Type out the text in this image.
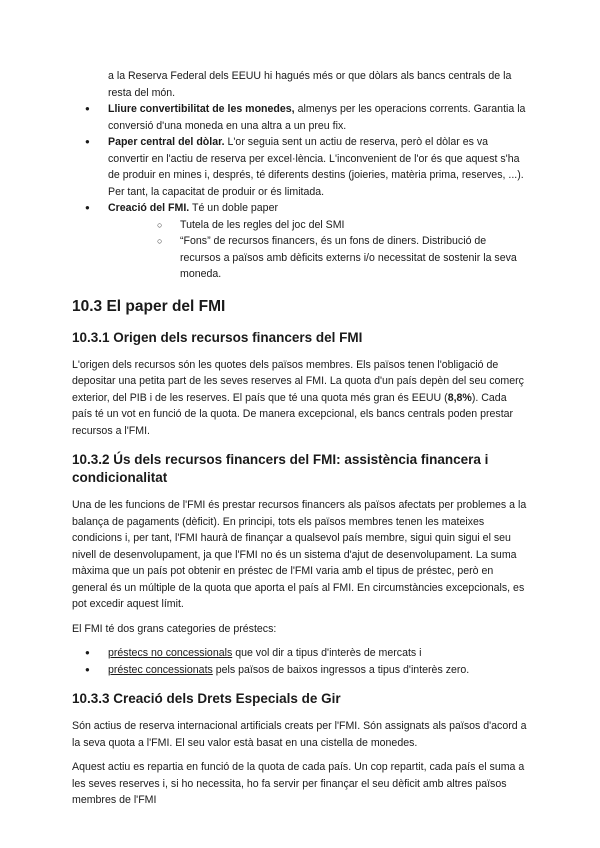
a la Reserva Federal dels EEUU hi hagués més or que dòlars als bancs centrals de la resta del món.

● Lliure convertibilitat de les monedes, almenys per les operacions corrents. Garantia la conversió d'una moneda en una altra a un preu fix.
● Paper central del dòlar. L'or seguia sent un actiu de reserva, però el dòlar es va convertir en l'actiu de reserva per excel·lència. L'inconvenient de l'or és que aquest s'ha de produir en mines i, després, té diferents destins (joieries, matèria prima, reserves, ...). Per tant, la capacitat de produir or és limitada.
● Creació del FMI. Té un doble paper
○ Tutela de les regles del joc del SMI
○ “Fons” de recursos financers, és un fons de diners. Distribució de recursos a països amb dèficits externs i/o necessitat de sostenir la seva moneda.
10.3 El paper del FMI
10.3.1 Origen dels recursos financers del FMI

L'origen dels recursos són les quotes dels països membres. Els països tenen l'obligació de depositar una petita part de les seves reserves al FMI. La quota d'un país depèn del seu comerç exterior, del PIB i de les reserves. El país que té una quota més gran és EEUU (8,8%). Cada país té un vot en funció de la quota. De manera excepcional, els bancs centrals poden prestar recursos a l'FMI.

10.3.2 Ús dels recursos financers del FMI: assistència financera i condicionalitat

Una de les funcions de l'FMI és prestar recursos financers als països afectats per problemes a la balança de pagaments (dèficit). En principi, tots els països membres tenen les mateixes condicions i, per tant, l'FMI haurà de finançar a qualsevol país membre, sigui quin sigui el seu nivell de desenvolupament, ja que l'FMI no és un sistema d'ajut de desenvolupament. La suma màxima que un país pot obtenir en préstec de l'FMI varia amb el tipus de préstec, però en general és un múltiple de la quota que aporta el país al FMI. En circumstàncies excepcionals, es pot excedir aquest límit.

El FMI té dos grans categories de préstecs:

● préstecs no concessionals que vol dir a tipus d'interès de mercats i
● préstec concessionats pels països de baixos ingressos a tipus d'interès zero.
10.3.3 Creació dels Drets Especials de Gir

Són actius de reserva internacional artificials creats per l'FMI. Són assignats als països d'acord a la seva quota a l'FMI. El seu valor està basat en una cistella de monedes.

Aquest actiu es repartia en funció de la quota de cada país. Un cop repartit, cada país el suma a les seves reserves i, si ho necessita, ho fa servir per finançar el seu dèficit amb altres països membres de l'FMI
